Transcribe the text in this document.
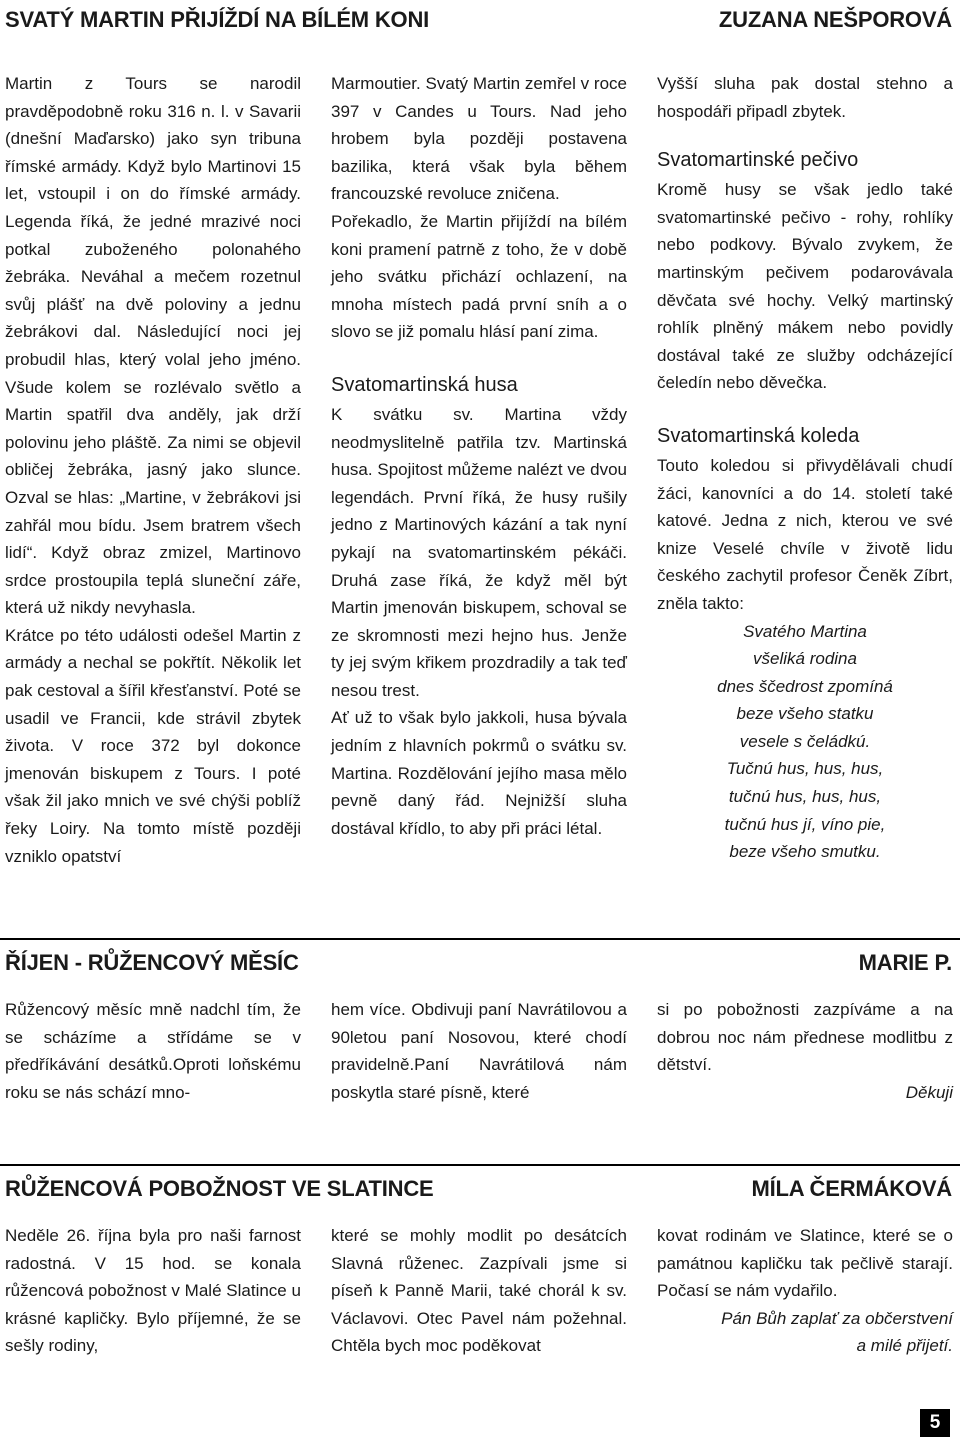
SVATÝ MARTIN PŘIJÍŽDÍ NA BÍLÉM KONI	ZUZANA NEŠPOROVÁ

Martin z Tours se narodil pravděpodobně roku 316 n. l. v Savarii (dnešní Maďarsko) jako syn tribuna římské armády. Když bylo Martinovi 15 let, vstoupil i on do římské armády. Legenda říká, že jedné mrazivé noci potkal zuboženého polonahého žebráka. Neváhal a mečem rozetnul svůj plášť na dvě poloviny a jednu žebrákovi dal. Následující noci jej probudil hlas, který volal jeho jméno. Všude kolem se rozlévalo světlo a Martin spatřil dva anděly, jak drží polovinu jeho pláště. Za nimi se objevil obličej žebráka, jasný jako slunce. Ozval se hlas: „Martine, v žebrákovi jsi zahřál mou bídu. Jsem bratrem všech lidí“. Když obraz zmizel, Martinovo srdce prostoupila teplá sluneční záře, která už nikdy nevyhasla.

Krátce po této události odešel Martin z armády a nechal se pokřtít. Několik let pak cestoval a šířil křesťanství. Poté se usadil ve Francii, kde strávil zbytek života. V roce 372 byl dokonce jmenován biskupem z Tours. I poté však žil jako mnich ve své chýši poblíž řeky Loiry. Na tomto místě později vzniklo opatství

Marmoutier. Svatý Martin zemřel v roce 397 v Candes u Tours. Nad jeho hrobem byla později postavena bazilika, která však byla během francouzské revoluce zničena.

Pořekadlo, že Martin přijíždí na bílém koni pramení patrně z toho, že v době jeho svátku přichází ochlazení, na mnoha místech padá první sníh a o slovo se již pomalu hlásí paní zima.

Svatomartinská husa

K svátku sv. Martina vždy neodmyslitelně patřila tzv. Martinská husa. Spojitost můžeme nalézt ve dvou legendách. První říká, že husy rušily jedno z Martinových kázání a tak nyní pykají na svatomartinském pékáči. Druhá zase říká, že když měl být Martin jmenován biskupem, schoval se ze skromnosti mezi hejno hus. Jenže ty jej svým křikem prozdradily a tak teď nesou trest.

Ať už to však bylo jakkoli, husa bývala jedním z hlavních pokrmů o svátku sv. Martina. Rozdělování jejího masa mělo pevně daný řád. Nejnižší sluha dostával křídlo, to aby při práci létal.

Vyšší sluha pak dostal stehno a hospodáři připadl zbytek.

Svatomartinské pečivo

Kromě husy se však jedlo také svatomartinské pečivo - rohy, rohlíky nebo podkovy. Bývalo zvykem, že martinským pečivem podarovávala děvčata své hochy. Velký martinský rohlík plněný mákem nebo povidly dostával také ze služby odcházející čeledín nebo děvečka.

Svatomartinská koleda

Touto koledou si přivydělávali chudí žáci, kanovníci a do 14. století také katové. Jedna z nich, kterou ve své knize Veselé chvíle v životě lidu českého zachytil profesor Čeněk Zíbrt, zněla takto:

Svatého Martina

všeliká rodina

dnes ščedrost zpomíná

beze všeho statku

vesele s čeládkú.

Tučnú hus, hus, hus,

tučnú hus, hus, hus,

tučnú hus jí, víno pie,

beze všeho smutku.

ŘÍJEN - RŮŽENCOVÝ MĚSÍC	MARIE P.

Růžencový měsíc mně nadchl tím, že se scházíme a střídáme se v předříkávání desátků.Oproti loňskému roku se nás schází mno-

hem více. Obdivuji paní Navrátilovou a 90letou paní Nosovou, které chodí pravidelně.Paní Navrátilová nám poskytla staré písně, které

si po pobožnosti zazpíváme a na dobrou noc nám přednese modlitbu z dětství.

Děkuji

RŮŽENCOVÁ POBOŽNOST VE SLATINCE	MÍLA ČERMÁKOVÁ

Neděle 26. října byla pro naši farnost radostná. V 15 hod. se konala růžencová pobožnost v Malé Slatince u krásné kapličky. Bylo příjemné, že se sešly rodiny,

které se mohly modlit po desátcích Slavná růženec. Zazpívali jsme si píseň k Panně Marii, také chorál k sv. Václavovi. Otec Pavel nám požehnal. Chtěla bych moc poděkovat

kovat rodinám ve Slatince, které se o památnou kapličku tak pečlivě starají. Počasí se nám vydařilo.

Pán Bůh zaplať za občerstvení

a milé přijetí.

5
